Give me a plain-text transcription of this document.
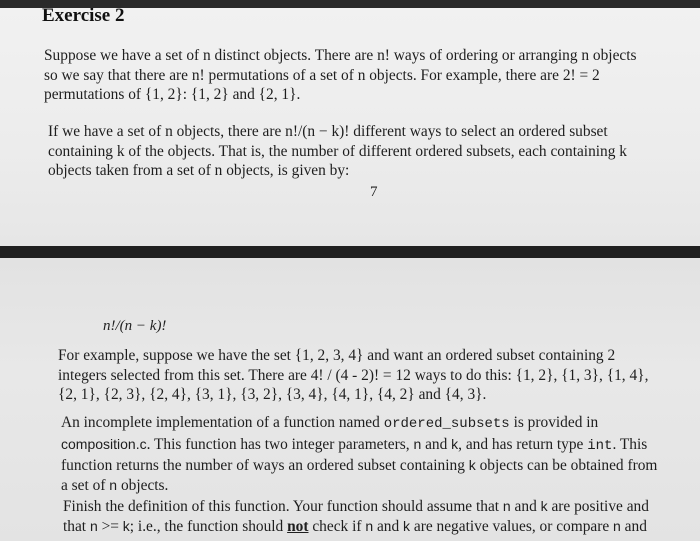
Exercise 2
Suppose we have a set of n distinct objects. There are n! ways of ordering or arranging n objects
so we say that there are n! permutations of a set of n objects. For example, there are 2! = 2
permutations of {1, 2}: {1, 2} and {2, 1}.
If we have a set of n objects, there are n!/(n − k)! different ways to select an ordered subset
containing k of the objects. That is, the number of different ordered subsets, each containing k
objects taken from a set of n objects, is given by:
7
n!/(n − k)!
For example, suppose we have the set {1, 2, 3, 4} and want an ordered subset containing 2
integers selected from this set. There are 4! / (4 - 2)! = 12 ways to do this: {1, 2}, {1, 3}, {1, 4},
{2, 1}, {2, 3}, {2, 4}, {3, 1}, {3, 2}, {3, 4}, {4, 1}, {4, 2} and {4, 3}.
An incomplete implementation of a function named ordered_subsets is provided in
composition.c. This function has two integer parameters, n and k, and has return type int. This
function returns the number of ways an ordered subset containing k objects can be obtained from
a set of n objects.
Finish the definition of this function. Your function should assume that n and k are positive and
that n >= k; i.e., the function should not check if n and k are negative values, or compare n and
